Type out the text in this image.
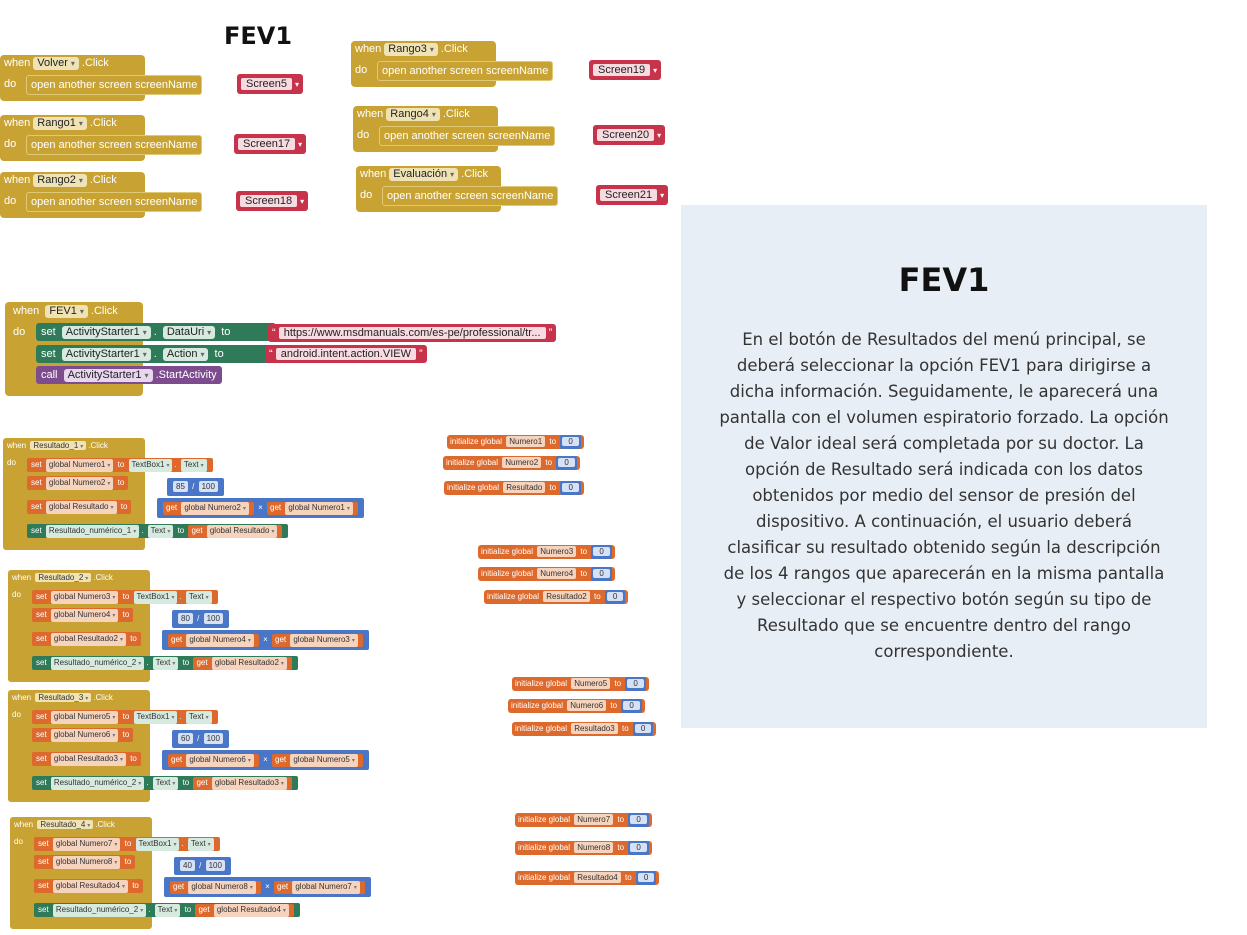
FEV1
when Volver ▾ .Click
do	open another screen screenName	Screen5 ▾
when Rango1 ▾ .Click
do	open another screen screenName	Screen17 ▾
when Rango2 ▾ .Click
do	open another screen screenName	Screen18 ▾
when Rango3 ▾ .Click
do	open another screen screenName	Screen19 ▾
when Rango4 ▾ .Click
do	open another screen screenName	Screen20 ▾
when Evaluación ▾ .Click
do	open another screen screenName	Screen21 ▾
when FEV1 ▾ .Click
do	set ActivityStarter1 ▾ . DataUri ▾ to	“ https://www.msdmanuals.com/es-pe/professional/tr... ”
set ActivityStarter1 ▾ . Action ▾ to	“ android.intent.action.VIEW ”
call ActivityStarter1 ▾ .StartActivity
when Resultado_1 ▾ .Click
do	set global Numero1 ▾ to TextBox1 ▾ . Text ▾
set global Numero2 ▾ to
set global Resultado ▾ to
set Resultado_numérico_1 ▾ . Text ▾ to get global Resultado ▾
85 / 100
get global Numero2 ▾ × get global Numero1 ▾
when Resultado_2 ▾ .Click
do	set global Numero3 ▾ to TextBox1 ▾ . Text ▾
set global Numero4 ▾ to
set global Resultado2 ▾ to
set Resultado_numérico_2 ▾ . Text ▾ to get global Resultado2 ▾
80 / 100
get global Numero4 ▾ × get global Numero3 ▾
when Resultado_3 ▾ .Click
do	set global Numero5 ▾ to TextBox1 ▾ . Text ▾
set global Numero6 ▾ to
set global Resultado3 ▾ to
set Resultado_numérico_2 ▾ . Text ▾ to get global Resultado3 ▾
60 / 100
get global Numero6 ▾ × get global Numero5 ▾
when Resultado_4 ▾ .Click
do	set global Numero7 ▾ to TextBox1 ▾ . Text ▾
set global Numero8 ▾ to
set global Resultado4 ▾ to
set Resultado_numérico_2 ▾ . Text ▾ to get global Resultado4 ▾
40 / 100
get global Numero8 ▾ × get global Numero7 ▾
initialize global Numero1 to 0
initialize global Numero2 to 0
initialize global Resultado to 0
initialize global Numero3 to 0
initialize global Numero4 to 0
initialize global Resultado2 to 0
initialize global Numero5 to 0
initialize global Numero6 to 0
initialize global Resultado3 to 0
initialize global Numero7 to 0
initialize global Numero8 to 0
initialize global Resultado4 to 0
FEV1
En el botón de Resultados del menú principal, se deberá seleccionar la opción FEV1 para dirigirse a dicha información. Seguidamente, le aparecerá una pantalla con el volumen espiratorio forzado. La opción de Valor ideal será completada por su doctor. La opción de Resultado será indicada con los datos obtenidos por medio del sensor de presión del dispositivo. A continuación, el usuario deberá clasificar su resultado obtenido según la descripción de los 4 rangos que aparecerán en la misma pantalla y seleccionar el respectivo botón según su tipo de Resultado que se encuentre dentro del rango correspondiente.
